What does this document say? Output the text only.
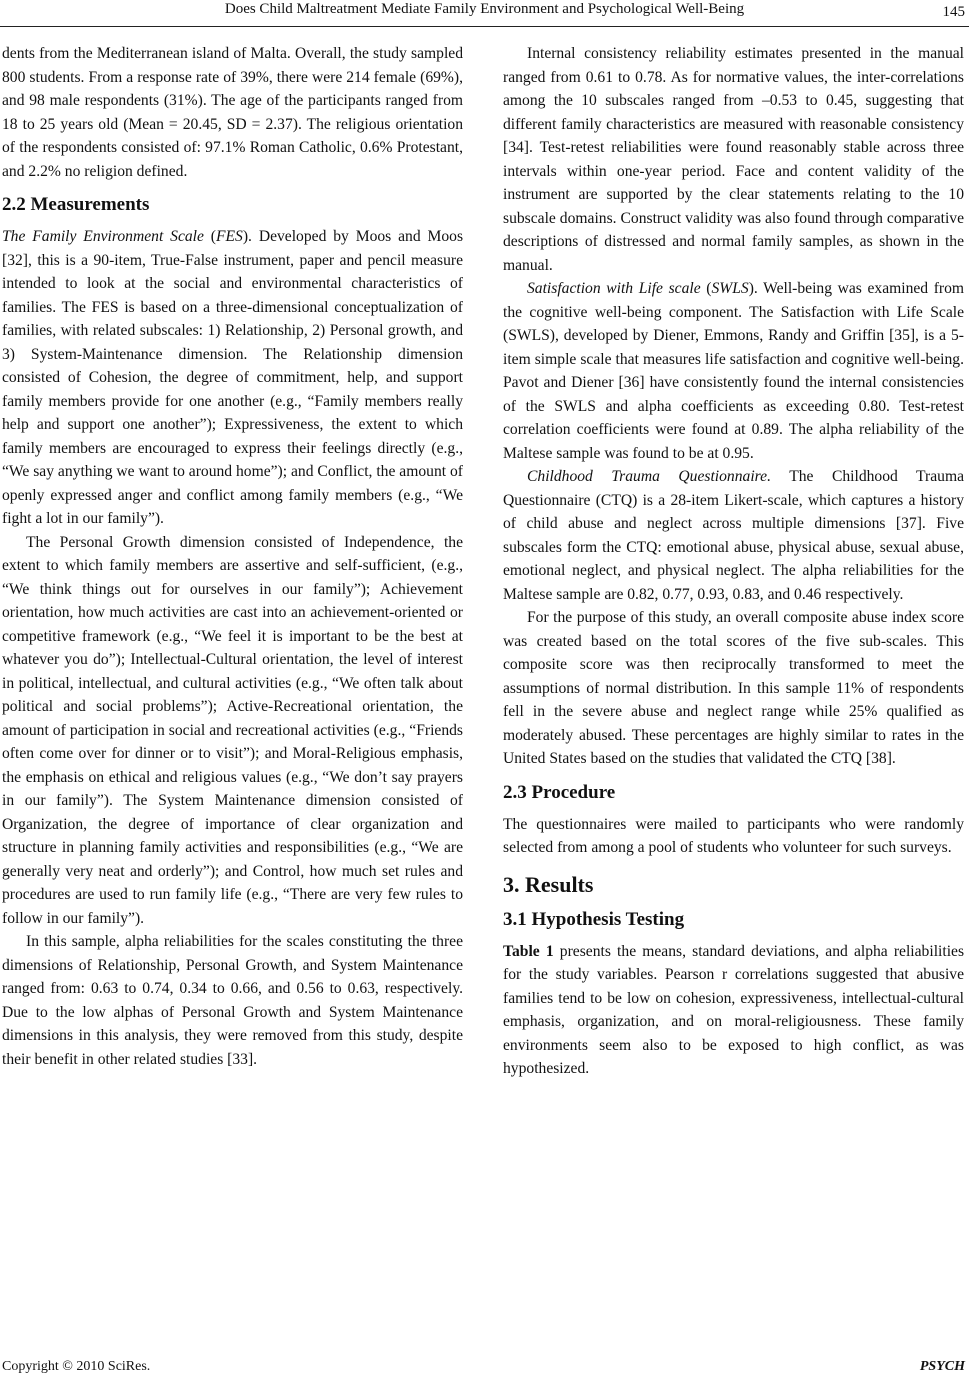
Does Child Maltreatment Mediate Family Environment and Psychological Well-Being	145

dents from the Mediterranean island of Malta. Overall, the study sampled 800 students. From a response rate of 39%, there were 214 female (69%), and 98 male respondents (31%). The age of the participants ranged from 18 to 25 years old (Mean = 20.45, SD = 2.37). The religious orientation of the respondents consisted of: 97.1% Roman Catholic, 0.6% Protestant, and 2.2% no religion defined.

2.2 Measurements

The Family Environment Scale (FES). Developed by Moos and Moos [32], this is a 90-item, True-False instrument, paper and pencil measure intended to look at the social and environmental characteristics of families. The FES is based on a three-dimensional conceptualization of families, with related subscales: 1) Relationship, 2) Personal growth, and 3) System-Maintenance dimension. The Relationship dimension consisted of Cohesion, the degree of commitment, help, and support family members provide for one another (e.g., “Family members really help and support one another”); Expressiveness, the extent to which family members are encouraged to express their feelings directly (e.g., “We say anything we want to around home”); and Conflict, the amount of openly expressed anger and conflict among family members (e.g., “We fight a lot in our family”).

The Personal Growth dimension consisted of Independence, the extent to which family members are assertive and self-sufficient, (e.g., “We think things out for ourselves in our family”); Achievement orientation, how much activities are cast into an achievement-oriented or competitive framework (e.g., “We feel it is important to be the best at whatever you do”); Intellectual-Cultural orientation, the level of interest in political, intellectual, and cultural activities (e.g., “We often talk about political and social problems”); Active-Recreational orientation, the amount of participation in social and recreational activities (e.g., “Friends often come over for dinner or to visit”); and Moral-Religious emphasis, the emphasis on ethical and religious values (e.g., “We don’t say prayers in our family”). The System Maintenance dimension consisted of Organization, the degree of importance of clear organization and structure in planning family activities and responsibilities (e.g., “We are generally very neat and orderly”); and Control, how much set rules and procedures are used to run family life (e.g., “There are very few rules to follow in our family”).

In this sample, alpha reliabilities for the scales constituting the three dimensions of Relationship, Personal Growth, and System Maintenance ranged from: 0.63 to 0.74, 0.34 to 0.66, and 0.56 to 0.63, respectively. Due to the low alphas of Personal Growth and System Maintenance dimensions in this analysis, they were removed from this study, despite their benefit in other related studies [33].

Internal consistency reliability estimates presented in the manual ranged from 0.61 to 0.78. As for normative values, the inter-correlations among the 10 subscales ranged from –0.53 to 0.45, suggesting that different family characteristics are measured with reasonable consistency [34]. Test-retest reliabilities were found reasonably stable across three intervals within one-year period. Face and content validity of the instrument are supported by the clear statements relating to the 10 subscale domains. Construct validity was also found through comparative descriptions of distressed and normal family samples, as shown in the manual.

Satisfaction with Life scale (SWLS). Well-being was examined from the cognitive well-being component. The Satisfaction with Life Scale (SWLS), developed by Diener, Emmons, Randy and Griffin [35], is a 5-item simple scale that measures life satisfaction and cognitive well-being. Pavot and Diener [36] have consistently found the internal consistencies of the SWLS and alpha coefficients as exceeding 0.80. Test-retest correlation coefficients were found at 0.89. The alpha reliability of the Maltese sample was found to be at 0.95.

Childhood Trauma Questionnaire. The Childhood Trauma Questionnaire (CTQ) is a 28-item Likert-scale, which captures a history of child abuse and neglect across multiple dimensions [37]. Five subscales form the CTQ: emotional abuse, physical abuse, sexual abuse, emotional neglect, and physical neglect. The alpha reliabilities for the Maltese sample are 0.82, 0.77, 0.93, 0.83, and 0.46 respectively.

For the purpose of this study, an overall composite abuse index score was created based on the total scores of the five sub-scales. This composite score was then reciprocally transformed to meet the assumptions of normal distribution. In this sample 11% of respondents fell in the severe abuse and neglect range while 25% qualified as moderately abused. These percentages are highly similar to rates in the United States based on the studies that validated the CTQ [38].

2.3 Procedure

The questionnaires were mailed to participants who were randomly selected from among a pool of students who volunteer for such surveys.

3. Results
3.1 Hypothesis Testing

Table 1 presents the means, standard deviations, and alpha reliabilities for the study variables. Pearson r correlations suggested that abusive families tend to be low on cohesion, expressiveness, intellectual-cultural emphasis, organization, and on moral-religiousness. These family environments seem also to be exposed to high conflict, as was hypothesized.

Copyright © 2010 SciRes.	PSYCH
